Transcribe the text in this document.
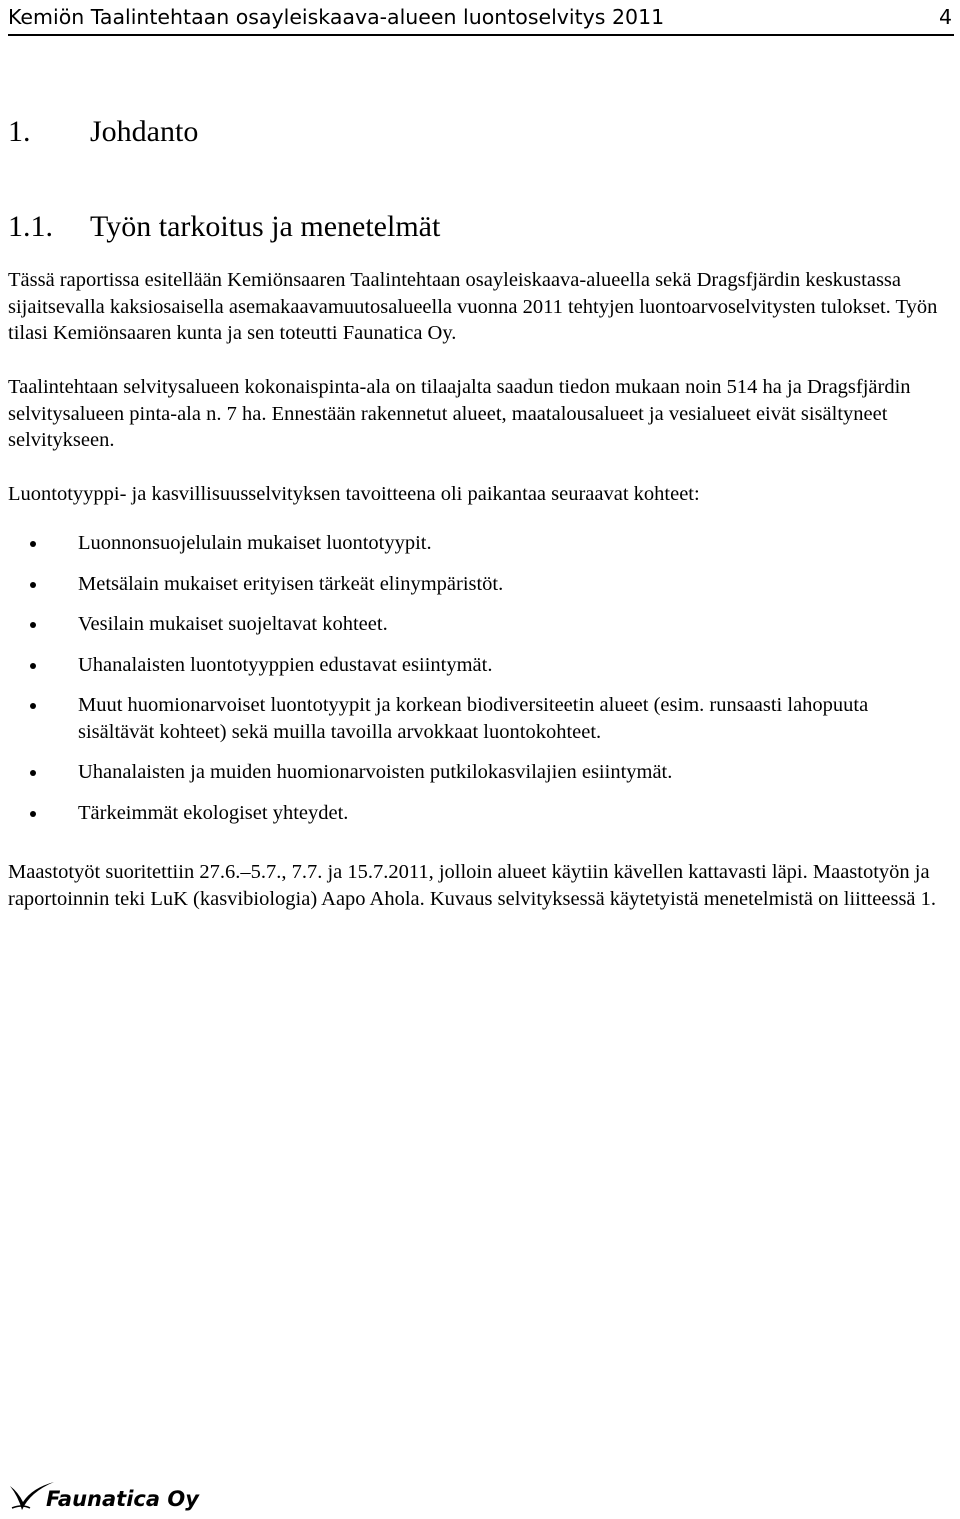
Kemiön Taalintehtaan osayleiskaava-alueen luontoselvitys 2011	4
1. Johdanto
1.1. Työn tarkoitus ja menetelmät

Tässä raportissa esitellään Kemiönsaaren Taalintehtaan osayleiskaava-alueella sekä Dragsfjärdin keskustassa sijaitsevalla kaksiosaisella asemakaavamuutosalueella vuonna 2011 tehtyjen luontoarvoselvitysten tulokset. Työn tilasi Kemiönsaaren kunta ja sen toteutti Faunatica Oy.

Taalintehtaan selvitysalueen kokonaispinta-ala on tilaajalta saadun tiedon mukaan noin 514 ha ja Dragsfjärdin selvitysalueen pinta-ala n. 7 ha. Ennestään rakennetut alueet, maatalousalueet ja vesialueet eivät sisältyneet selvitykseen.

Luontotyyppi- ja kasvillisuusselvityksen tavoitteena oli paikantaa seuraavat kohteet:

Luonnonsuojelulain mukaiset luontotyypit.
Metsälain mukaiset erityisen tärkeät elinympäristöt.
Vesilain mukaiset suojeltavat kohteet.
Uhanalaisten luontotyyppien edustavat esiintymät.
Muut huomionarvoiset luontotyypit ja korkean biodiversiteetin alueet (esim. runsaasti lahopuuta sisältävät kohteet) sekä muilla tavoilla arvokkaat luontokohteet.
Uhanalaisten ja muiden huomionarvoisten putkilokasvilajien esiintymät.
Tärkeimmät ekologiset yhteydet.

Maastotyöt suoritettiin 27.6.–5.7., 7.7. ja 15.7.2011, jolloin alueet käytiin kävellen kattavasti läpi. Maastotyön ja raportoinnin teki LuK (kasvibiologia) Aapo Ahola. Kuvaus selvityksessä käytetyistä menetelmistä on liitteessä 1.

Faunatica Oy
